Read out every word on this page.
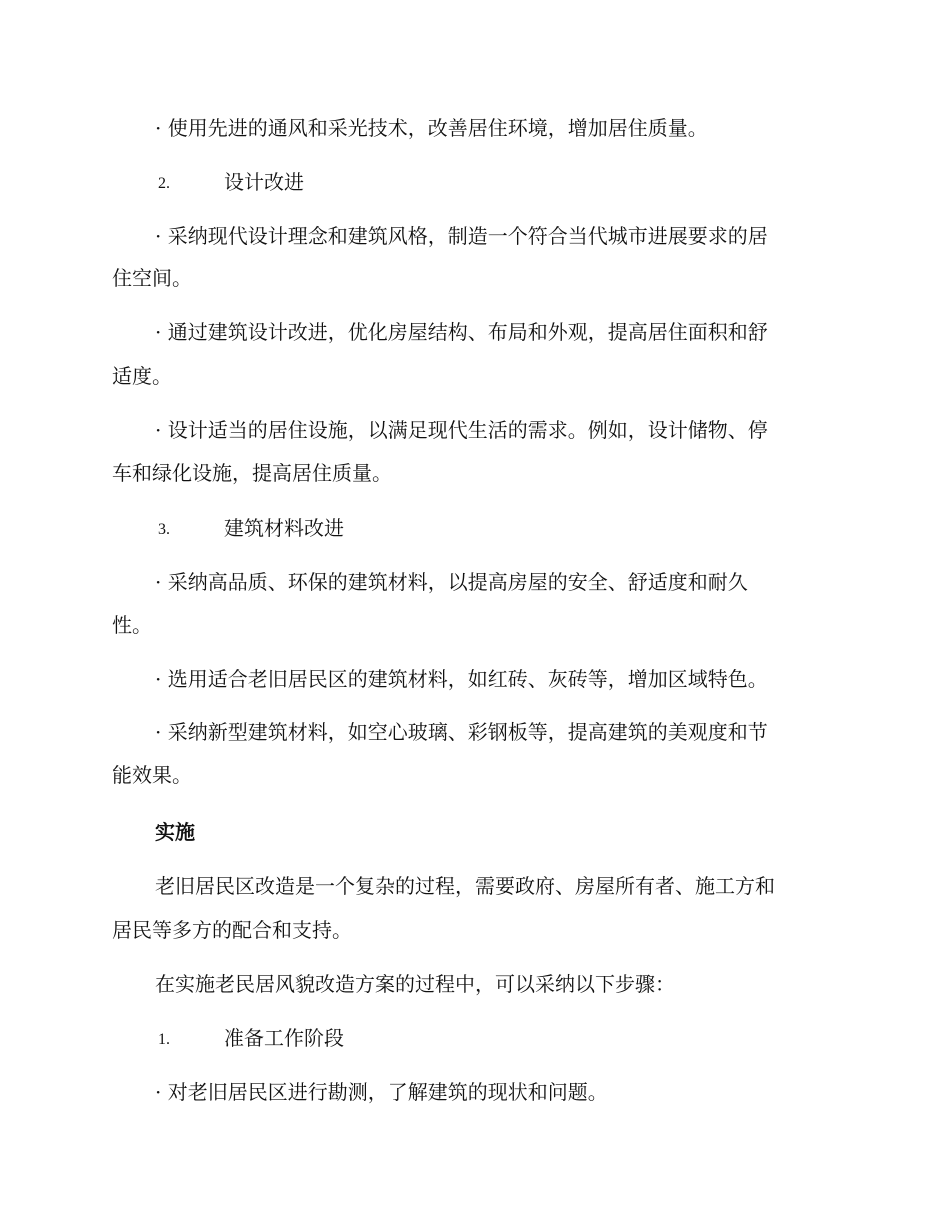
· 使用先进的通风和采光技术，改善居住环境，增加居住质量。
2.	设计改进
· 采纳现代设计理念和建筑风格，制造一个符合当代城市进展要求的居
住空间。
· 通过建筑设计改进，优化房屋结构、布局和外观，提高居住面积和舒
适度。
· 设计适当的居住设施，以满足现代生活的需求。例如，设计储物、停
车和绿化设施，提高居住质量。
3.	建筑材料改进
· 采纳高品质、环保的建筑材料，以提高房屋的安全、舒适度和耐久
性。
· 选用适合老旧居民区的建筑材料，如红砖、灰砖等，增加区域特色。
· 采纳新型建筑材料，如空心玻璃、彩钢板等，提高建筑的美观度和节
能效果。
实施
老旧居民区改造是一个复杂的过程，需要政府、房屋所有者、施工方和
居民等多方的配合和支持。
在实施老民居风貌改造方案的过程中，可以采纳以下步骤：
1.	准备工作阶段
· 对老旧居民区进行勘测，了解建筑的现状和问题。
